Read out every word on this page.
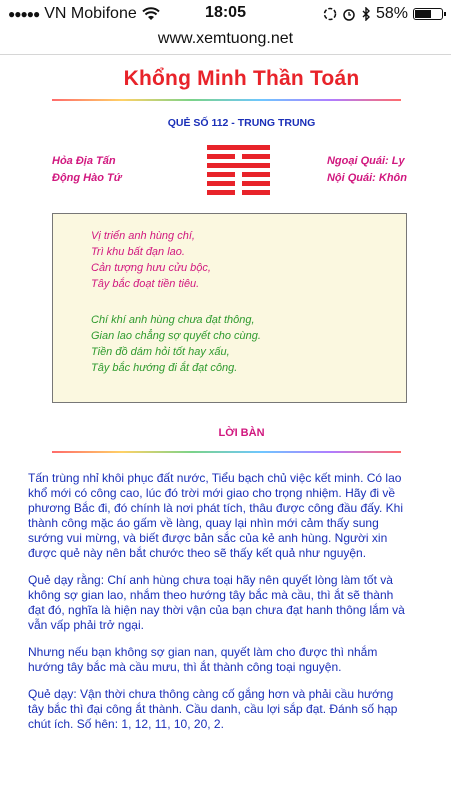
●●●●● VN Mobifone	18:05	58%
www.xemtuong.net
Khổng Minh Thần Toán
QUẺ SỐ 112 - TRUNG TRUNG
Hỏa Địa Tấn
Động Hào Tứ
Ngoại Quái: Ly
Nội Quái: Khôn
Vị triển anh hùng chí,
Trì khu bất đạn lao.
Cản tượng hưu cửu bộc,
Tây bắc đoạt tiền tiêu.
Chí khí anh hùng chưa đạt thông,
Gian lao chẳng sợ quyết cho cùng.
Tiền đồ dám hỏi tốt hay xấu,
Tây bắc hướng đi ắt đạt công.
LỜI BÀN

Tấn trùng nhỉ khôi phục đất nước, Tiểu bạch chủ việc kết minh. Có lao khổ mới có công cao, lúc đó trời mới giao cho trọng nhiệm. Hãy đi về phương Bắc đi, đó chính là nơi phát tích, thâu được công đầu đấy. Khi thành công mặc áo gấm về làng, quay lại nhìn mới cảm thấy sung sướng vui mừng, và biết được bản sắc của kẻ anh hùng. Người xin được quẻ này nên bắt chước theo sẽ thấy kết quả như nguyện.

Quẻ dạy rằng: Chí anh hùng chưa toại hãy nên quyết lòng làm tốt và không sợ gian lao, nhắm theo hướng tây bắc mà cầu, thì ắt sẽ thành đạt đó, nghĩa là hiện nay thời vận của bạn chưa đạt hanh thông lắm và vẫn vấp phải trở ngại.

Nhưng nếu bạn không sợ gian nan, quyết làm cho được thì nhắm hướng tây bắc mà cầu mưu, thì ắt thành công toại nguyện.

Quẻ dạy: Vận thời chưa thông càng cố gắng hơn và phải cầu hướng tây bắc thì đại công ắt thành. Cầu danh, cầu lợi sắp đạt. Đánh số hạp chút ích. Số hên: 1, 12, 11, 10, 20, 2.
